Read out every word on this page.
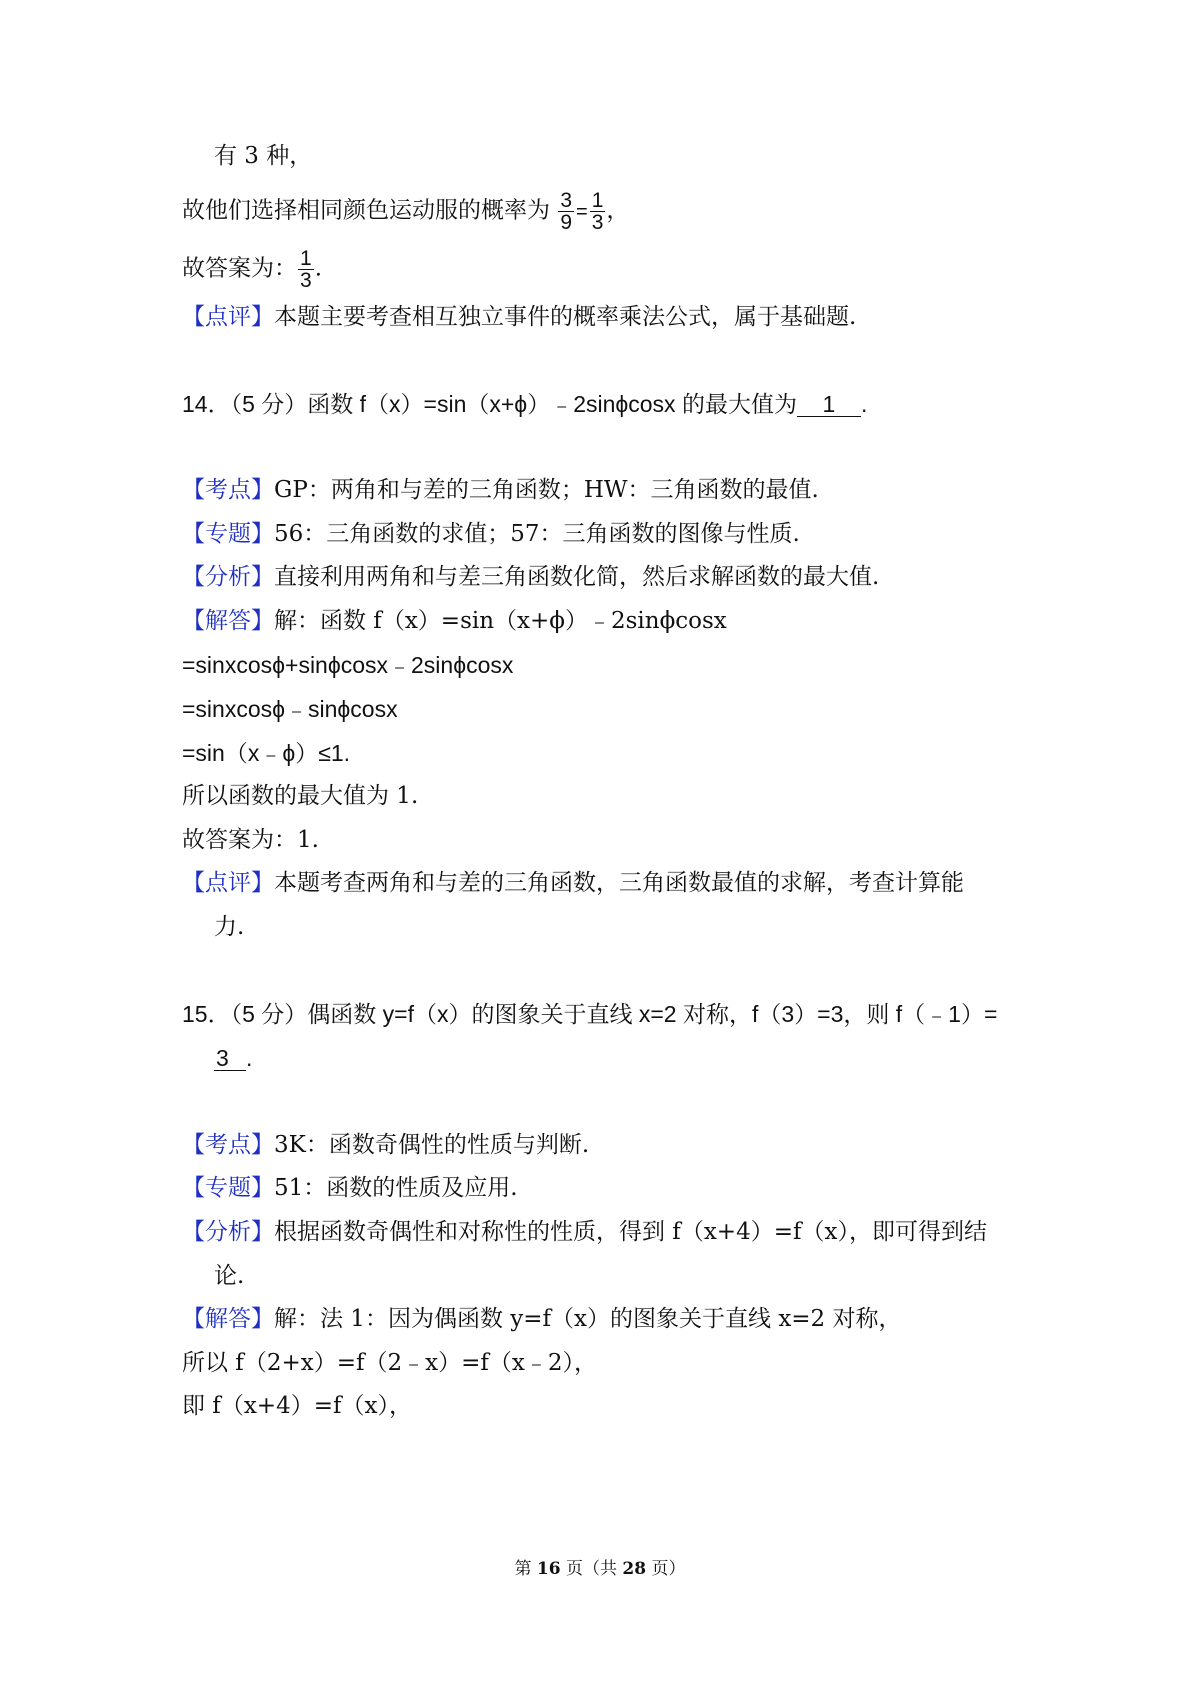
有 3 种，
故他们选择相同颜色运动服的概率为 $\frac{3}{9} = \frac{1}{3}$ ，
故答案为： $\frac{1}{3}$ .
【点评】本题主要考查相互独立事件的概率乘法公式，属于基础题.
14．（5 分）函数 f（x）=sin（x+ϕ）﹣2sinϕcosx 的最大值为 1 .
【考点】GP：两角和与差的三角函数；HW：三角函数的最值.
【专题】56：三角函数的求值；57：三角函数的图像与性质.
【分析】直接利用两角和与差三角函数化简，然后求解函数的最大值.
【解答】解：函数 f（x）=sin（x+ϕ）﹣2sinϕcosx
=sinxcosϕ+sinϕcosx﹣2sinϕcosx
=sinxcosϕ﹣sinϕcosx
=sin（x﹣ϕ）≤1.
所以函数的最大值为 1.
故答案为：1.
【点评】本题考查两角和与差的三角函数，三角函数最值的求解，考查计算能
力.
15．（5 分）偶函数 y=f（x）的图象关于直线 x=2 对称，f（3）=3，则 f（﹣1）=
3 .
【考点】3K：函数奇偶性的性质与判断.
【专题】51：函数的性质及应用.
【分析】根据函数奇偶性和对称性的性质，得到 f（x+4）=f（x），即可得到结
论.
【解答】解：法 1：因为偶函数 y=f（x）的图象关于直线 x=2 对称，
所以 f（2+x）=f（2﹣x）=f（x﹣2），
即 f（x+4）=f（x），
第 16 页（共 28 页）
